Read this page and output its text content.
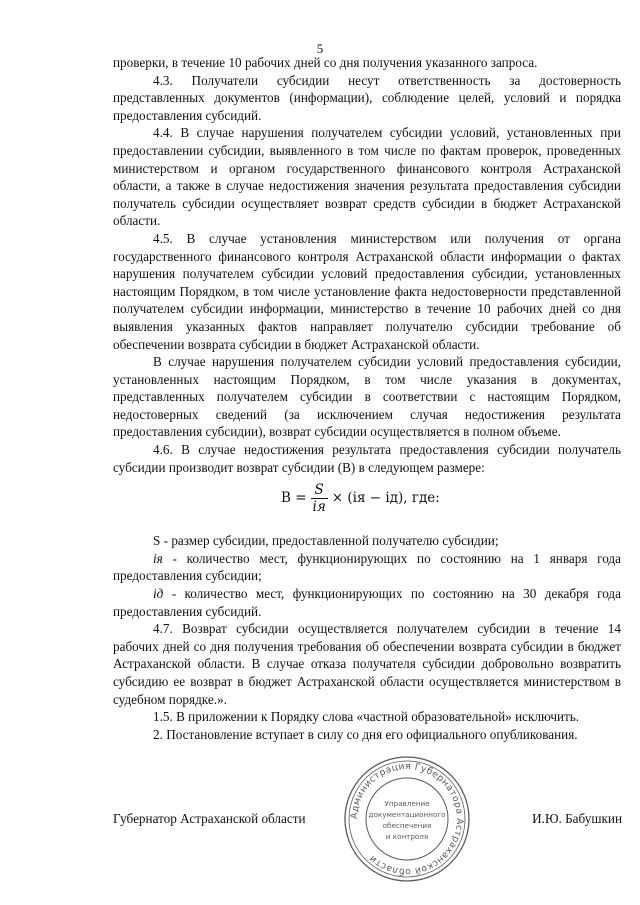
5

проверки, в течение 10 рабочих дней со дня получения указанного запроса.

4.3. Получатели субсидии несут ответственность за достоверность представленных документов (информации), соблюдение целей, условий и порядка предоставления субсидий.

4.4. В случае нарушения получателем субсидии условий, установленных при предоставлении субсидии, выявленного в том числе по фактам проверок, проведенных министерством и органом государственного финансового контроля Астраханской области, а также в случае недостижения значения результата предоставления субсидии получатель субсидии осуществляет возврат средств субсидии в бюджет Астраханской области.

4.5. В случае установления министерством или получения от органа государственного финансового контроля Астраханской области информации о фактах нарушения получателем субсидии условий предоставления субсидии, установленных настоящим Порядком, в том числе установление факта недостоверности представленной получателем субсидии информации, министерство в течение 10 рабочих дней со дня выявления указанных фактов направляет получателю субсидии требование об обеспечении возврата субсидии в бюджет Астраханской области.

В случае нарушения получателем субсидии условий предоставления субсидии, установленных настоящим Порядком, в том числе указания в документах, представленных получателем субсидии в соответствии с настоящим Порядком, недостоверных сведений (за исключением случая недостижения результата предоставления субсидии), возврат субсидии осуществляется в полном объеме.

4.6. В случае недостижения результата предоставления субсидии получатель субсидии производит возврат субсидии (В) в следующем размере:

$В = \frac{S}{iя} \times (iя - iд)$, где:

S - размер субсидии, предоставленной получателю субсидии;

iя - количество мест, функционирующих по состоянию на 1 января года предоставления субсидии;

iд - количество мест, функционирующих по состоянию на 30 декабря года предоставления субсидий.

4.7. Возврат субсидии осуществляется получателем субсидии в течение 14 рабочих дней со дня получения требования об обеспечении возврата субсидии в бюджет Астраханской области. В случае отказа получателя субсидии добровольно возвратить субсидию ее возврат в бюджет Астраханской области осуществляется министерством в судебном порядке.».

1.5. В приложении к Порядку слова «частной образовательной» исключить.

2. Постановление вступает в силу со дня его официального опубликования.

Губернатор Астраханской области	И.Ю. Бабушкин
Администрация Губернатора Астраханской области
Управление
документационного
обеспечения
и контроля
